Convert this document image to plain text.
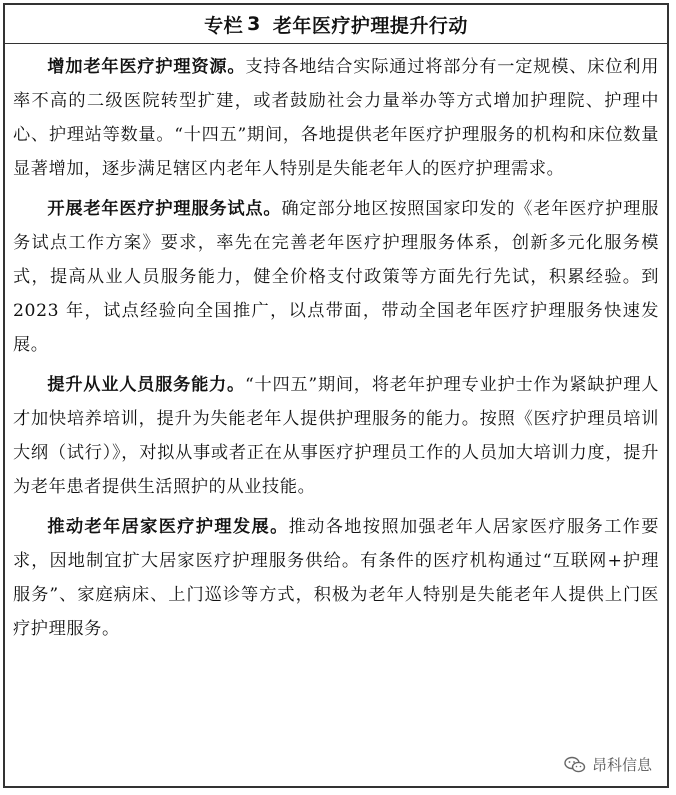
专栏 3 老年医疗护理提升行动

增加老年医疗护理资源。支持各地结合实际通过将部分有一定规模、床位利用率不高的二级医院转型扩建，或者鼓励社会力量举办等方式增加护理院、护理中心、护理站等数量。“十四五”期间，各地提供老年医疗护理服务的机构和床位数量显著增加，逐步满足辖区内老年人特别是失能老年人的医疗护理需求。

开展老年医疗护理服务试点。确定部分地区按照国家印发的《老年医疗护理服务试点工作方案》要求，率先在完善老年医疗护理服务体系，创新多元化服务模式，提高从业人员服务能力，健全价格支付政策等方面先行先试，积累经验。到 2023 年，试点经验向全国推广，以点带面，带动全国老年医疗护理服务快速发展。

提升从业人员服务能力。“十四五”期间，将老年护理专业护士作为紧缺护理人才加快培养培训，提升为失能老年人提供护理服务的能力。按照《医疗护理员培训大纲（试行）》，对拟从事或者正在从事医疗护理员工作的人员加大培训力度，提升为老年患者提供生活照护的从业技能。

推动老年居家医疗护理发展。推动各地按照加强老年人居家医疗服务工作要求，因地制宜扩大居家医疗护理服务供给。有条件的医疗机构通过“互联网+护理服务”、家庭病床、上门巡诊等方式，积极为老年人特别是失能老年人提供上门医疗护理服务。

昂科信息
